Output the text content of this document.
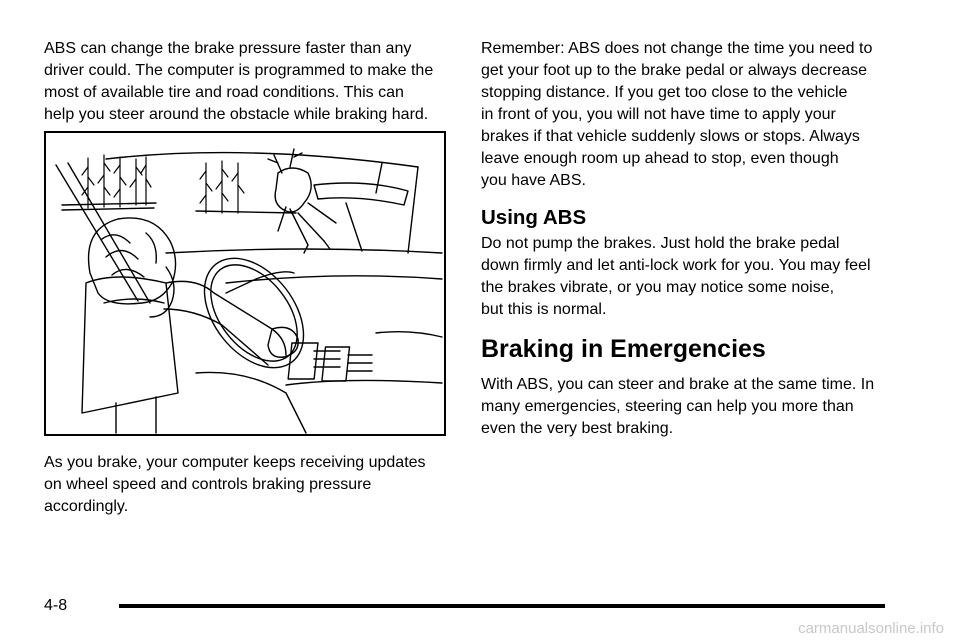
ABS can change the brake pressure faster than any
driver could. The computer is programmed to make the
most of available tire and road conditions. This can
help you steer around the obstacle while braking hard.

As you brake, your computer keeps receiving updates
on wheel speed and controls braking pressure
accordingly.

Remember: ABS does not change the time you need to
get your foot up to the brake pedal or always decrease
stopping distance. If you get too close to the vehicle
in front of you, you will not have time to apply your
brakes if that vehicle suddenly slows or stops. Always
leave enough room up ahead to stop, even though
you have ABS.

Using ABS

Do not pump the brakes. Just hold the brake pedal
down firmly and let anti-lock work for you. You may feel
the brakes vibrate, or you may notice some noise,
but this is normal.

Braking in Emergencies

With ABS, you can steer and brake at the same time. In
many emergencies, steering can help you more than
even the very best braking.

4-8
carmanualsonline.info
